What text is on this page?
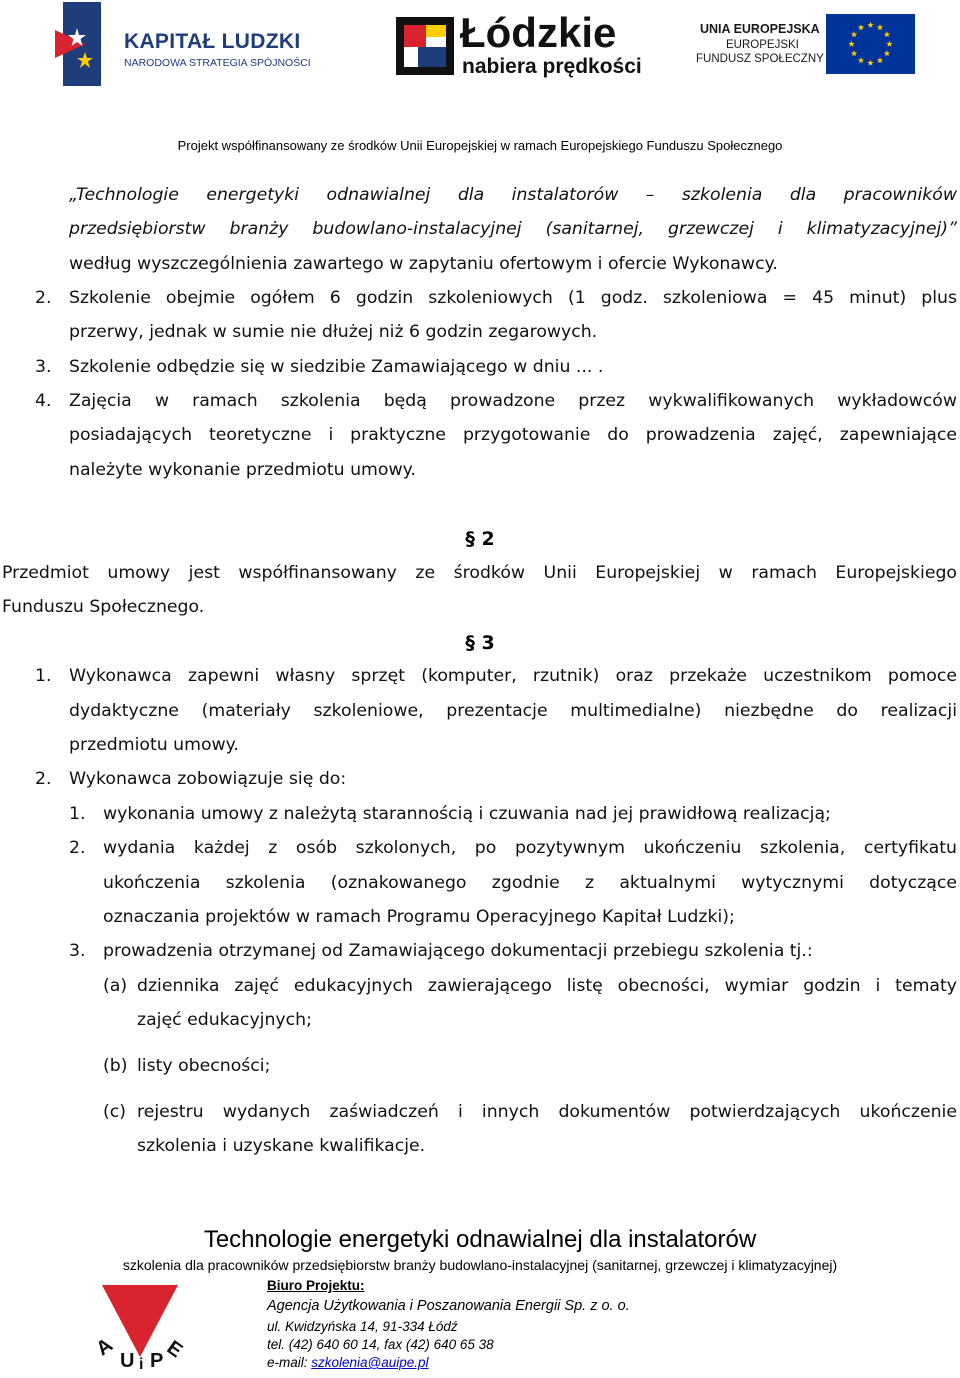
KAPITAŁ LUDZKI
NARODOWA STRATEGIA SPÓJNOŚCI
Łódzkie
nabiera prędkości
UNIA EUROPEJSKA
EUROPEJSKI
FUNDUSZ SPOŁECZNY
Projekt współfinansowany ze środków Unii Europejskiej w ramach Europejskiego Funduszu Społecznego
„Technologie energetyki odnawialnej dla instalatorów – szkolenia dla pracowników
przedsiębiorstw branży budowlano-instalacyjnej (sanitarnej, grzewczej i klimatyzacyjnej)”
według wyszczególnienia zawartego w zapytaniu ofertowym i ofercie Wykonawcy.
2. Szkolenie obejmie ogółem 6 godzin szkoleniowych (1 godz. szkoleniowa = 45 minut) plus
przerwy, jednak w sumie nie dłużej niż 6 godzin zegarowych.
3. Szkolenie odbędzie się w siedzibie Zamawiającego w dniu ... .
4. Zajęcia w ramach szkolenia będą prowadzone przez wykwalifikowanych wykładowców
posiadających teoretyczne i praktyczne przygotowanie do prowadzenia zajęć, zapewniające
należyte wykonanie przedmiotu umowy.
§ 2
Przedmiot umowy jest współfinansowany ze środków Unii Europejskiej w ramach Europejskiego
Funduszu Społecznego.
§ 3
1. Wykonawca zapewni własny sprzęt (komputer, rzutnik) oraz przekaże uczestnikom pomoce
dydaktyczne (materiały szkoleniowe, prezentacje multimedialne) niezbędne do realizacji
przedmiotu umowy.
2. Wykonawca zobowiązuje się do:
1. wykonania umowy z należytą starannością i czuwania nad jej prawidłową realizacją;
2. wydania każdej z osób szkolonych, po pozytywnym ukończeniu szkolenia, certyfikatu
ukończenia szkolenia (oznakowanego zgodnie z aktualnymi wytycznymi dotyczące
oznaczania projektów w ramach Programu Operacyjnego Kapitał Ludzki);
3. prowadzenia otrzymanej od Zamawiającego dokumentacji przebiegu szkolenia tj.:
(a) dziennika zajęć edukacyjnych zawierającego listę obecności, wymiar godzin i tematy
zajęć edukacyjnych;
(b) listy obecności;
(c) rejestru wydanych zaświadczeń i innych dokumentów potwierdzających ukończenie
szkolenia i uzyskane kwalifikacje.
Technologie energetyki odnawialnej dla instalatorów
szkolenia dla pracowników przedsiębiorstw branży budowlano-instalacyjnej (sanitarnej, grzewczej i klimatyzacyjnej)
A
U i P E
Biuro Projektu:
Agencja Użytkowania i Poszanowania Energii Sp. z o. o.
ul. Kwidzyńska 14, 91-334 Łódź
tel. (42) 640 60 14, fax (42) 640 65 38
e-mail: szkolenia@auipe.pl
